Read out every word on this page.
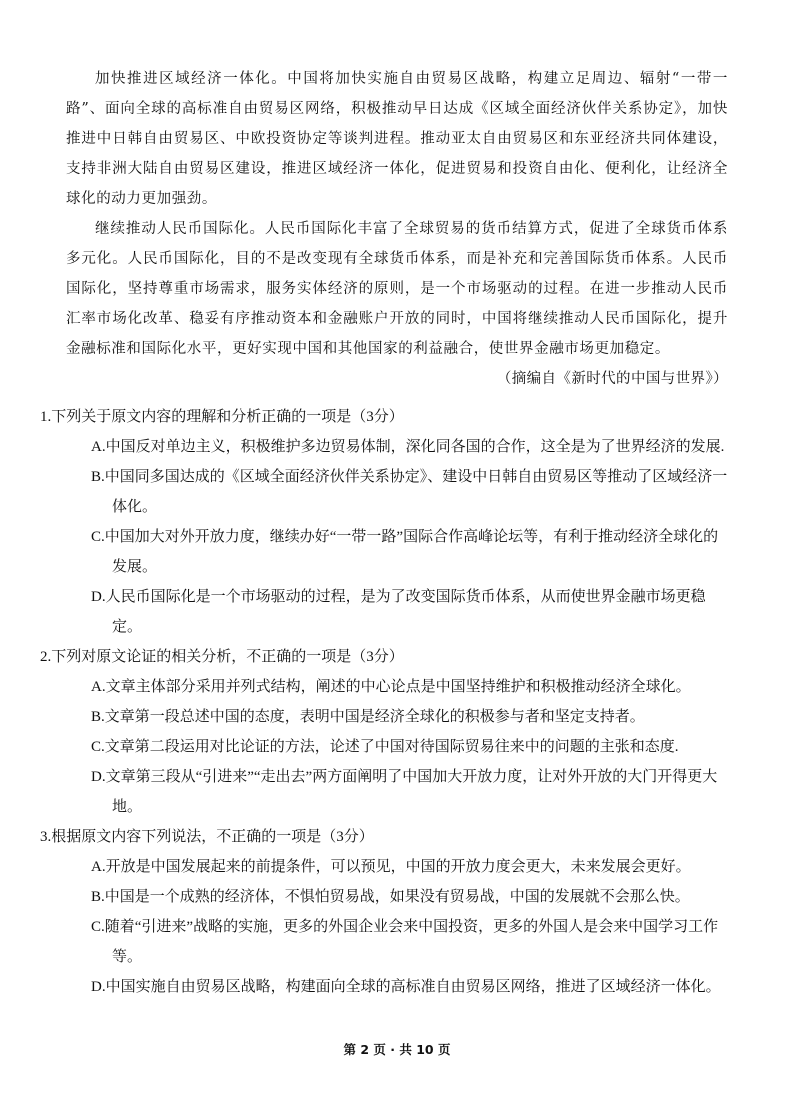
加快推进区域经济一体化。中国将加快实施自由贸易区战略，构建立足周边、辐射“一带一路”、面向全球的高标准自由贸易区网络，积极推动早日达成《区域全面经济伙伴关系协定》，加快推进中日韩自由贸易区、中欧投资协定等谈判进程。推动亚太自由贸易区和东亚经济共同体建设，支持非洲大陆自由贸易区建设，推进区域经济一体化，促进贸易和投资自由化、便利化，让经济全球化的动力更加强劲。

继续推动人民币国际化。人民币国际化丰富了全球贸易的货币结算方式，促进了全球货币体系多元化。人民币国际化，目的不是改变现有全球货币体系，而是补充和完善国际货币体系。人民币国际化，坚持尊重市场需求，服务实体经济的原则，是一个市场驱动的过程。在进一步推动人民币汇率市场化改革、稳妥有序推动资本和金融账户开放的同时，中国将继续推动人民币国际化，提升金融标准和国际化水平，更好实现中国和其他国家的利益融合，使世界金融市场更加稳定。

（摘编自《新时代的中国与世界》）

1.下列关于原文内容的理解和分析正确的一项是（3分）

A.中国反对单边主义，积极维护多边贸易体制，深化同各国的合作，这全是为了世界经济的发展.

B.中国同多国达成的《区域全面经济伙伴关系协定》、建设中日韩自由贸易区等推动了区域经济一体化。

C.中国加大对外开放力度，继续办好“一带一路”国际合作高峰论坛等，有利于推动经济全球化的发展。

D.人民币国际化是一个市场驱动的过程，是为了改变国际货币体系，从而使世界金融市场更稳定。

2.下列对原文论证的相关分析，不正确的一项是（3分）

A.文章主体部分采用并列式结构，阐述的中心论点是中国坚持维护和积极推动经济全球化。

B.文章第一段总述中国的态度，表明中国是经济全球化的积极参与者和坚定支持者。

C.文章第二段运用对比论证的方法，论述了中国对待国际贸易往来中的问题的主张和态度.

D.文章第三段从“引进来”“走出去”两方面阐明了中国加大开放力度，让对外开放的大门开得更大地。

3.根据原文内容下列说法，不正确的一项是（3分）

A.开放是中国发展起来的前提条件，可以预见，中国的开放力度会更大，未来发展会更好。

B.中国是一个成熟的经济体，不惧怕贸易战，如果没有贸易战，中国的发展就不会那么快。

C.随着“引进来”战略的实施，更多的外国企业会来中国投资，更多的外国人是会来中国学习工作等。

D.中国实施自由贸易区战略，构建面向全球的高标准自由贸易区网络，推进了区域经济一体化。

第 2 页 · 共 10 页
